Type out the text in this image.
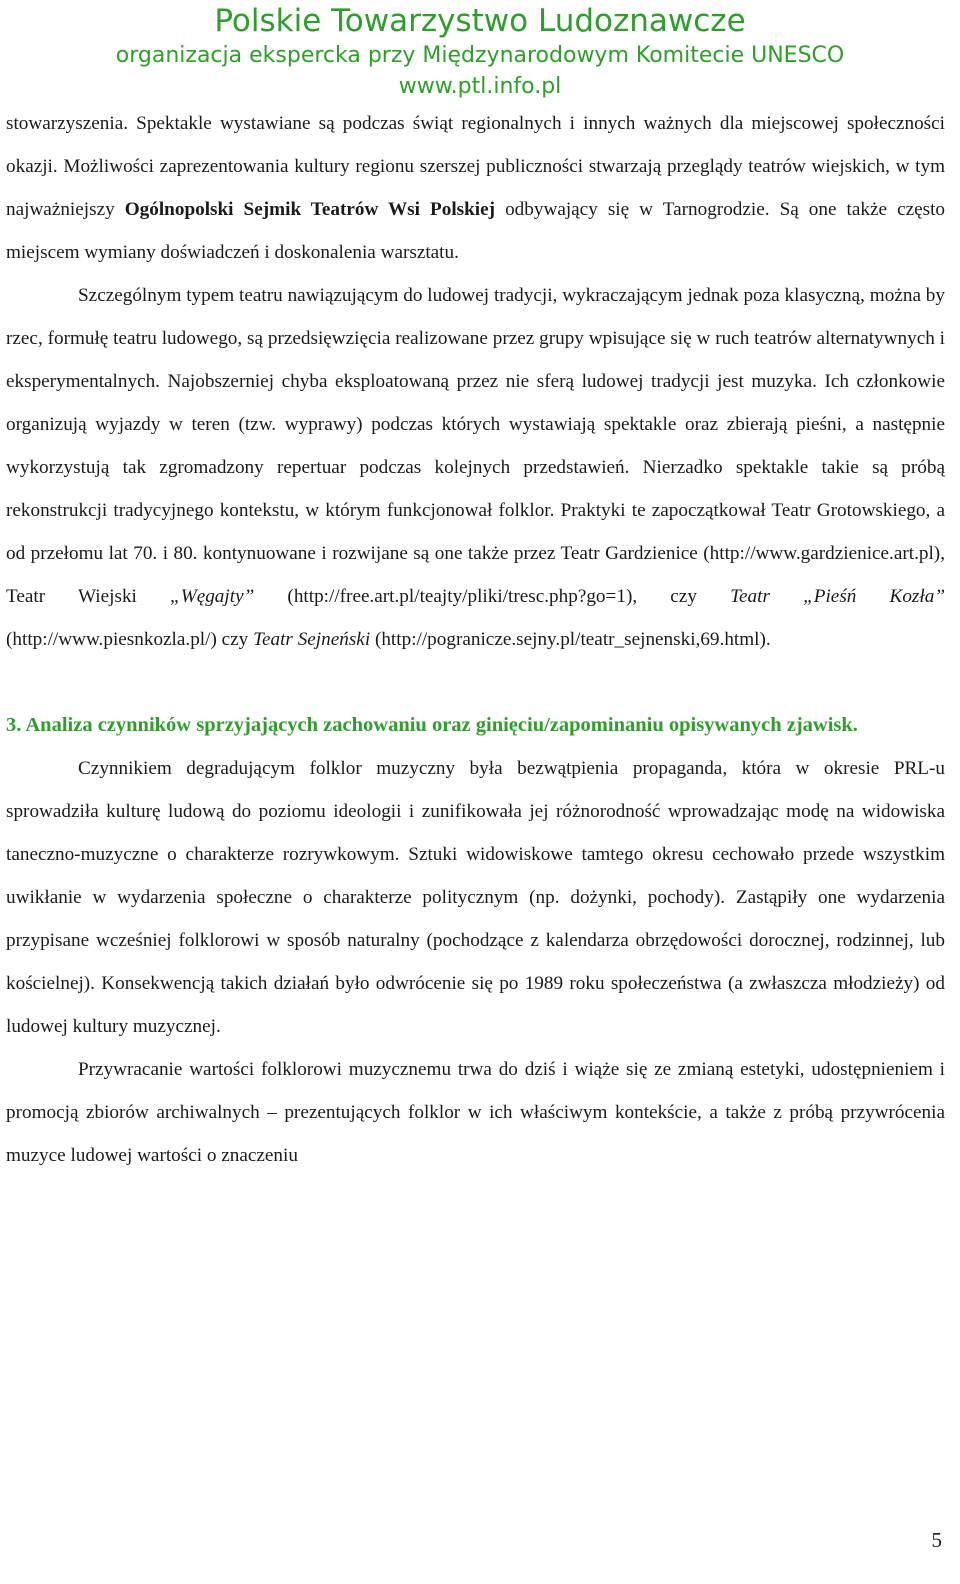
Polskie Towarzystwo Ludoznawcze
organizacja ekspercka przy Międzynarodowym Komitecie UNESCO
www.ptl.info.pl

stowarzyszenia. Spektakle wystawiane są podczas świąt regionalnych i innych ważnych dla miejscowej społeczności okazji. Możliwości zaprezentowania kultury regionu szerszej publiczności stwarzają przeglądy teatrów wiejskich, w tym najważniejszy Ogólnopolski Sejmik Teatrów Wsi Polskiej odbywający się w Tarnogrodzie. Są one także często miejscem wymiany doświadczeń i doskonalenia warsztatu.

Szczególnym typem teatru nawiązującym do ludowej tradycji, wykraczającym jednak poza klasyczną, można by rzec, formułę teatru ludowego, są przedsięwzięcia realizowane przez grupy wpisujące się w ruch teatrów alternatywnych i eksperymentalnych. Najobszerniej chyba eksploatowaną przez nie sferą ludowej tradycji jest muzyka. Ich członkowie organizują wyjazdy w teren (tzw. wyprawy) podczas których wystawiają spektakle oraz zbierają pieśni, a następnie wykorzystują tak zgromadzony repertuar podczas kolejnych przedstawień. Nierzadko spektakle takie są próbą rekonstrukcji tradycyjnego kontekstu, w którym funkcjonował folklor. Praktyki te zapoczątkował Teatr Grotowskiego, a od przełomu lat 70. i 80. kontynuowane i rozwijane są one także przez Teatr Gardzienice (http://www.gardzienice.art.pl), Teatr Wiejski „Węgajty” (http://free.art.pl/teajty/pliki/tresc.php?go=1), czy Teatr „Pieśń Kozła” (http://www.piesnkozla.pl/) czy Teatr Sejneński (http://pogranicze.sejny.pl/teatr_sejnenski,69.html).

3. Analiza czynników sprzyjających zachowaniu oraz ginięciu/zapominaniu opisywanych zjawisk.

Czynnikiem degradującym folklor muzyczny była bezwątpienia propaganda, która w okresie PRL-u sprowadziła kulturę ludową do poziomu ideologii i zunifikowała jej różnorodność wprowadzając modę na widowiska taneczno-muzyczne o charakterze rozrywkowym. Sztuki widowiskowe tamtego okresu cechowało przede wszystkim uwikłanie w wydarzenia społeczne o charakterze politycznym (np. dożynki, pochody). Zastąpiły one wydarzenia przypisane wcześniej folklorowi w sposób naturalny (pochodzące z kalendarza obrzędowości dorocznej, rodzinnej, lub kościelnej). Konsekwencją takich działań było odwrócenie się po 1989 roku społeczeństwa (a zwłaszcza młodzieży) od ludowej kultury muzycznej.

Przywracanie wartości folklorowi muzycznemu trwa do dziś i wiąże się ze zmianą estetyki, udostępnieniem i promocją zbiorów archiwalnych – prezentujących folklor w ich właściwym kontekście, a także z próbą przywrócenia muzyce ludowej wartości o znaczeniu

5
